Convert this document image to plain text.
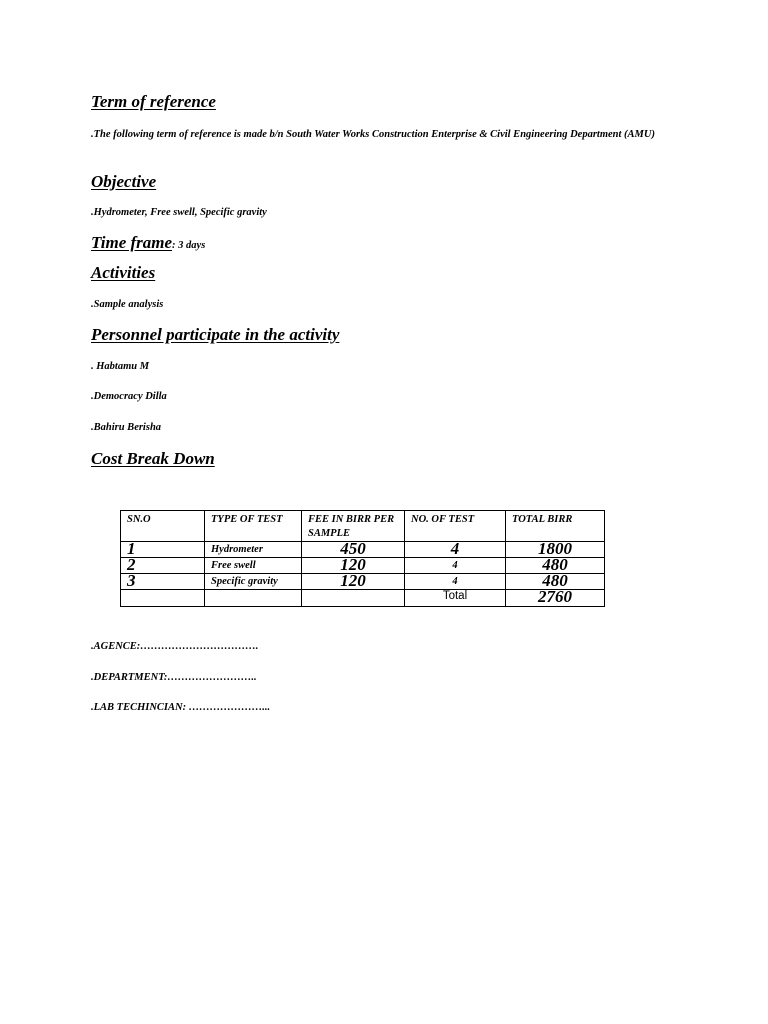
Term of reference
.The following term of reference is made b/n South Water Works Construction Enterprise & Civil Engineering Department (AMU)
Objective
.Hydrometer, Free swell, Specific gravity
Time frame: 3 days
Activities
.Sample analysis
Personnel participate in the activity
. Habtamu M
.Democracy Dilla
.Bahiru Berisha
Cost Break Down
SN.O	TYPE OF TEST	FEE IN BIRR PER SAMPLE	NO. OF TEST	TOTAL BIRR
1	Hydrometer	450	4	1800
2	Free swell	120	4	480
3	Specific gravity	120	4	480
			Total	2760
.AGENCE:…………………………….
.DEPARTMENT:……………………..
.LAB TECHINCIAN: …………………...
